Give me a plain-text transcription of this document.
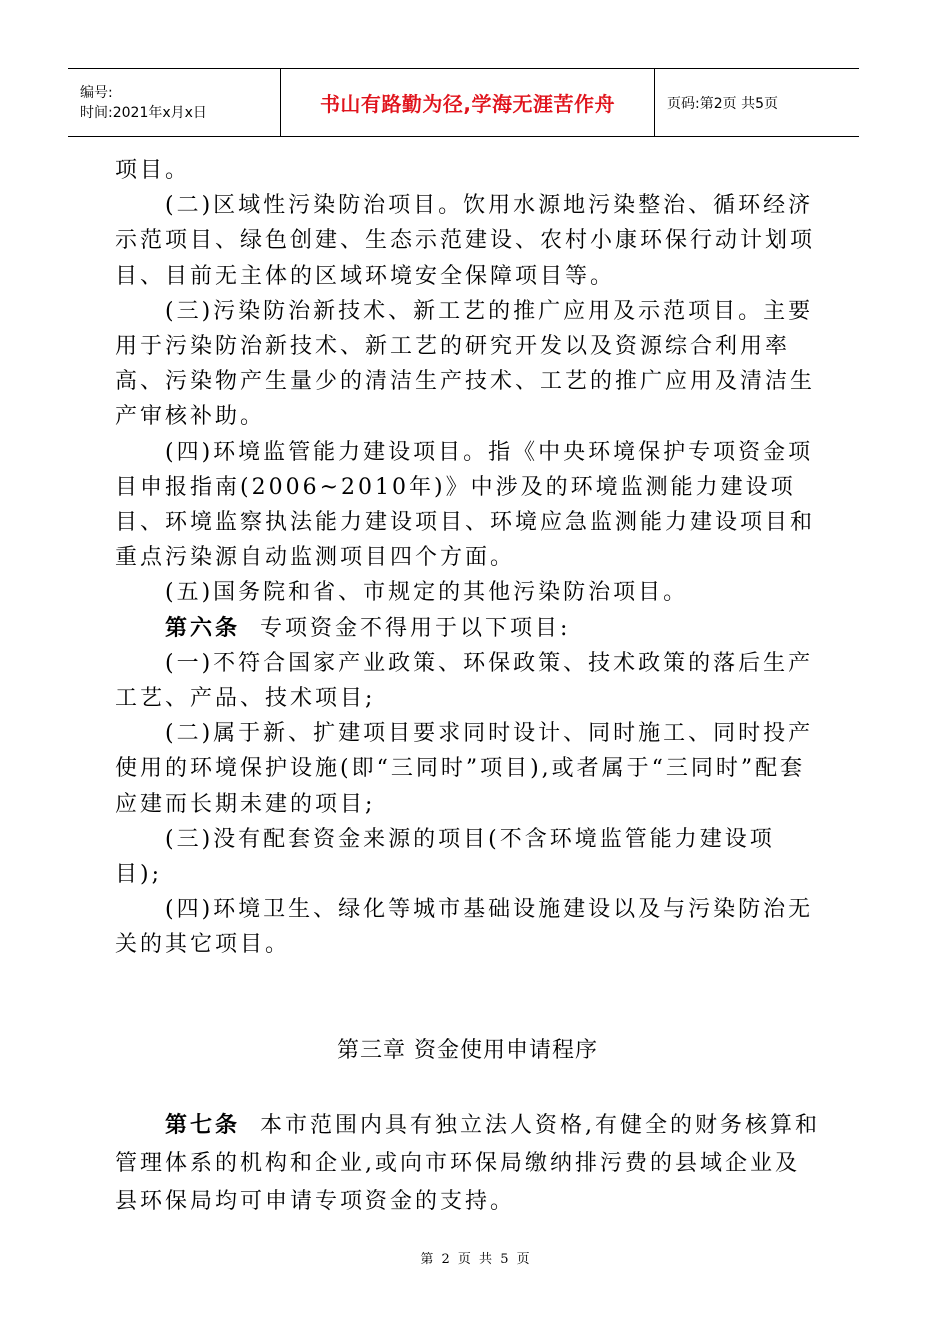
编号:
时间:2021年x月x日	书山有路勤为径,学海无涯苦作舟	页码:第2页 共5页

项目。

(二)区域性污染防治项目。饮用水源地污染整治、循环经济示范项目、绿色创建、生态示范建设、农村小康环保行动计划项目、目前无主体的区域环境安全保障项目等。

(三)污染防治新技术、新工艺的推广应用及示范项目。主要用于污染防治新技术、新工艺的研究开发以及资源综合利用率高、污染物产生量少的清洁生产技术、工艺的推广应用及清洁生产审核补助。

(四)环境监管能力建设项目。指《中央环境保护专项资金项目申报指南(2006~2010年)》中涉及的环境监测能力建设项目、环境监察执法能力建设项目、环境应急监测能力建设项目和重点污染源自动监测项目四个方面。

(五)国务院和省、市规定的其他污染防治项目。

第六条 专项资金不得用于以下项目:

(一)不符合国家产业政策、环保政策、技术政策的落后生产工艺、产品、技术项目;

(二)属于新、扩建项目要求同时设计、同时施工、同时投产使用的环境保护设施(即“三同时”项目),或者属于“三同时”配套应建而长期未建的项目;

(三)没有配套资金来源的项目(不含环境监管能力建设项目);

(四)环境卫生、绿化等城市基础设施建设以及与污染防治无关的其它项目。

第三章 资金使用申请程序

第七条 本市范围内具有独立法人资格,有健全的财务核算和管理体系的机构和企业,或向市环保局缴纳排污费的县域企业及县环保局均可申请专项资金的支持。

第 2 页 共 5 页
